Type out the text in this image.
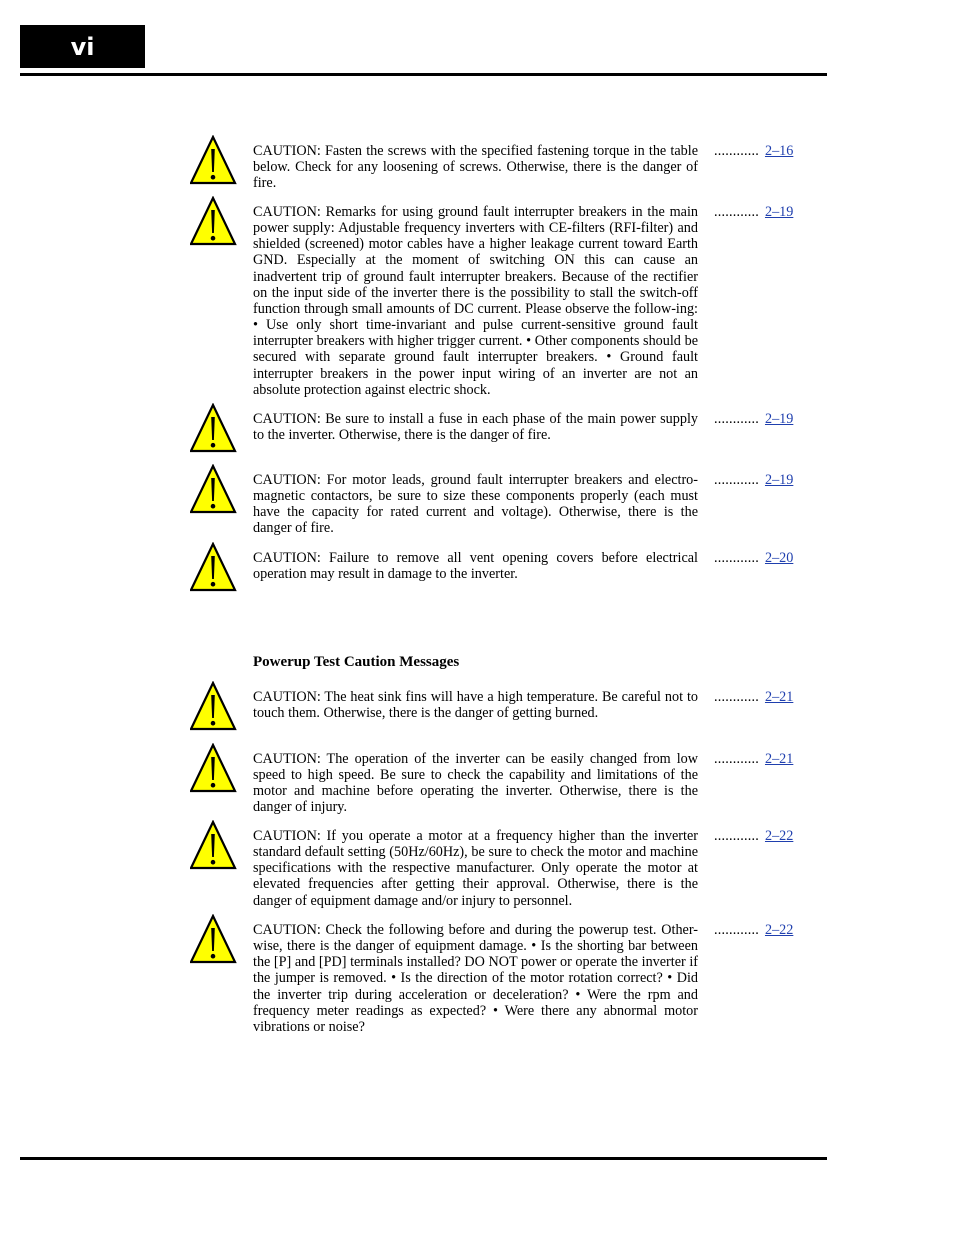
vi
CAUTION: Fasten the screws with the specified fastening torque in the table below. Check for any loosening of screws. Otherwise, there is the danger of fire.
............ 2–16
CAUTION: Remarks for using ground fault interrupter breakers in the main power supply: Adjustable frequency inverters with CE-filters (RFI-filter) and shielded (screened) motor cables have a higher leakage current toward Earth GND. Especially at the moment of switching ON this can cause an inadvertent trip of ground fault interrupter breakers. Because of the rectifier on the input side of the inverter there is the possibility to stall the switch-off function through small amounts of DC current. Please observe the follow-ing: • Use only short time-invariant and pulse current-sensitive ground fault interrupter breakers with higher trigger current. • Other components should be secured with separate ground fault interrupter breakers. • Ground fault interrupter breakers in the power input wiring of an inverter are not an absolute protection against electric shock.
............ 2–19
CAUTION: Be sure to install a fuse in each phase of the main power supply to the inverter. Otherwise, there is the danger of fire.
............ 2–19
CAUTION: For motor leads, ground fault interrupter breakers and electro-magnetic contactors, be sure to size these components properly (each must have the capacity for rated current and voltage). Otherwise, there is the danger of fire.
............ 2–19
CAUTION: Failure to remove all vent opening covers before electrical operation may result in damage to the inverter.
............ 2–20
Powerup Test Caution Messages
CAUTION: The heat sink fins will have a high temperature. Be careful not to touch them. Otherwise, there is the danger of getting burned.
............ 2–21
CAUTION: The operation of the inverter can be easily changed from low speed to high speed. Be sure to check the capability and limitations of the motor and machine before operating the inverter. Otherwise, there is the danger of injury.
............ 2–21
CAUTION: If you operate a motor at a frequency higher than the inverter standard default setting (50Hz/60Hz), be sure to check the motor and machine specifications with the respective manufacturer. Only operate the motor at elevated frequencies after getting their approval. Otherwise, there is the danger of equipment damage and/or injury to personnel.
............ 2–22
CAUTION: Check the following before and during the powerup test. Other-wise, there is the danger of equipment damage. • Is the shorting bar between the [P] and [PD] terminals installed? DO NOT power or operate the inverter if the jumper is removed. • Is the direction of the motor rotation correct? • Did the inverter trip during acceleration or deceleration? • Were the rpm and frequency meter readings as expected? • Were there any abnormal motor vibrations or noise?
............ 2–22
